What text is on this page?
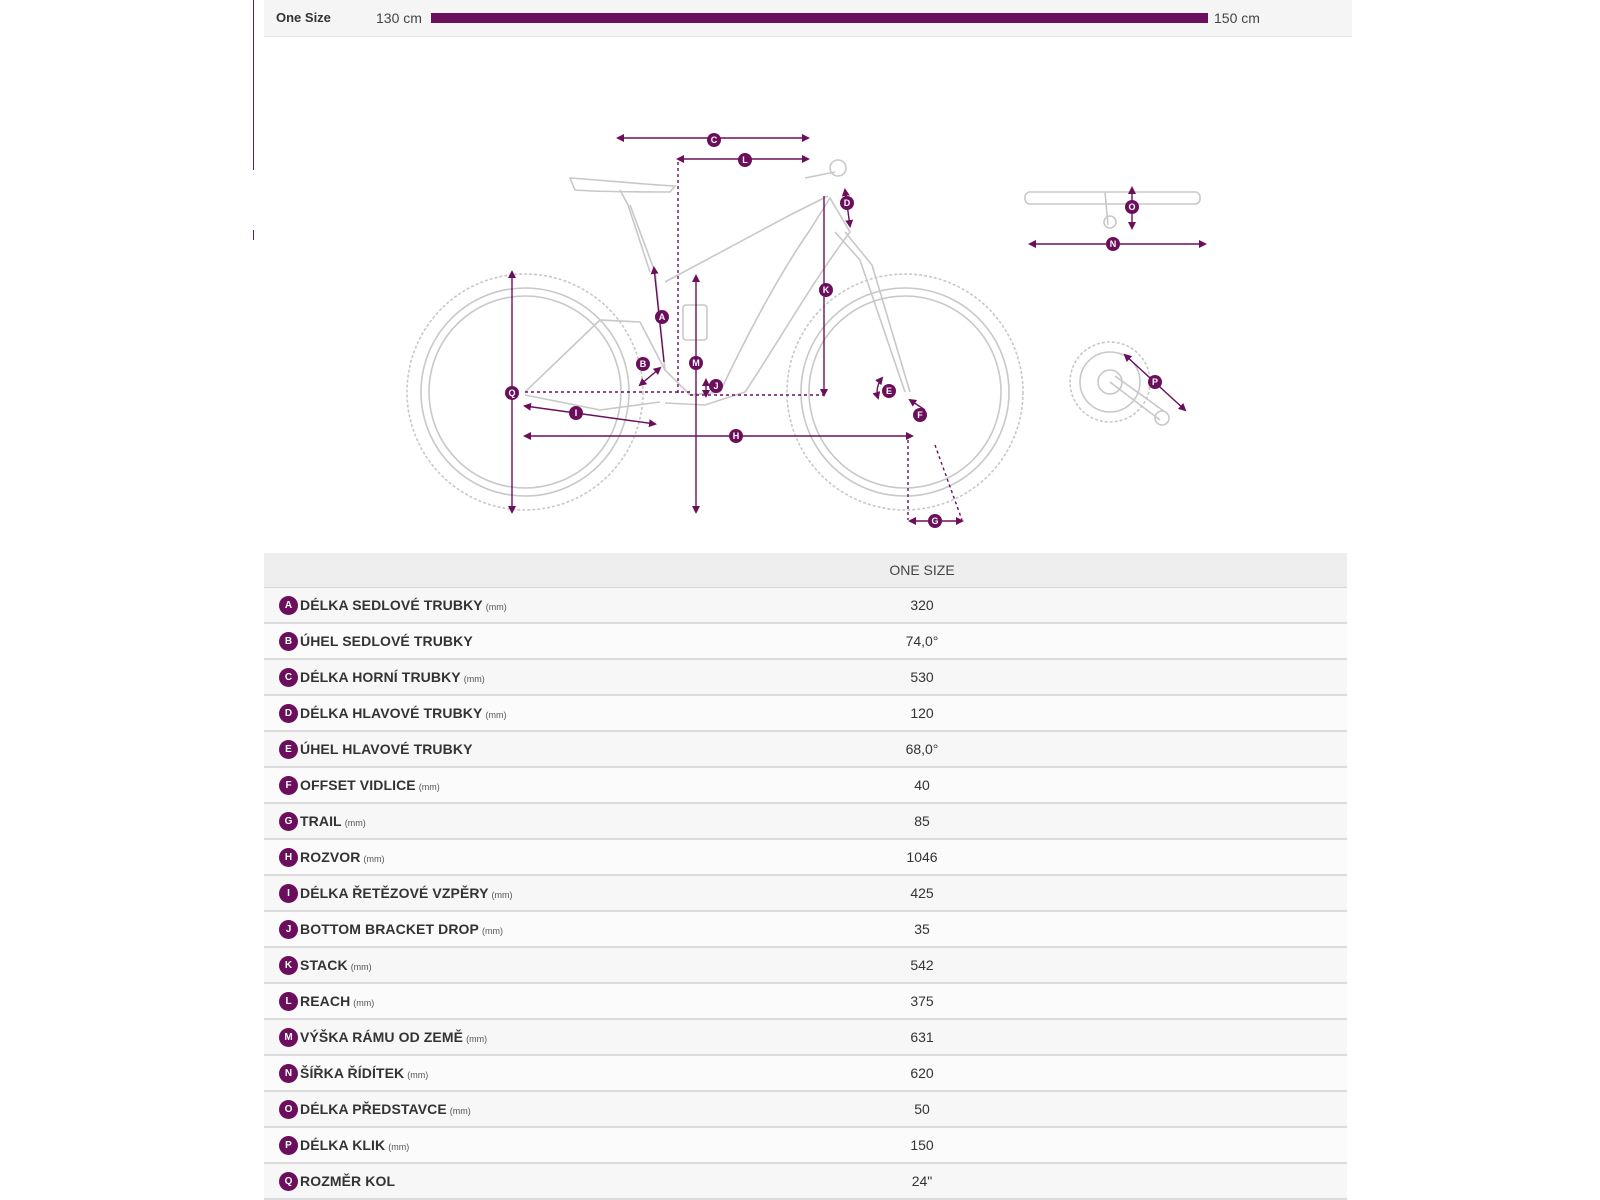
One Size	130 cm	150 cm
C
L
D
K
A
M
B
Q
J
I
E
F
H
G
O
N
P
		ONE SIZE
A	DÉLKA SEDLOVÉ TRUBKY (mm)	320
B	ÚHEL SEDLOVÉ TRUBKY	74,0°
C	DÉLKA HORNÍ TRUBKY (mm)	530
D	DÉLKA HLAVOVÉ TRUBKY (mm)	120
E	ÚHEL HLAVOVÉ TRUBKY	68,0°
F	OFFSET VIDLICE (mm)	40
G	TRAIL (mm)	85
H	ROZVOR (mm)	1046
I	DÉLKA ŘETĚZOVÉ VZPĚRY (mm)	425
J	BOTTOM BRACKET DROP (mm)	35
K	STACK (mm)	542
L	REACH (mm)	375
M	VÝŠKA RÁMU OD ZEMĚ (mm)	631
N	ŠÍŘKA ŘÍDÍTEK (mm)	620
O	DÉLKA PŘEDSTAVCE (mm)	50
P	DÉLKA KLIK (mm)	150
Q	ROZMĚR KOL	24"
